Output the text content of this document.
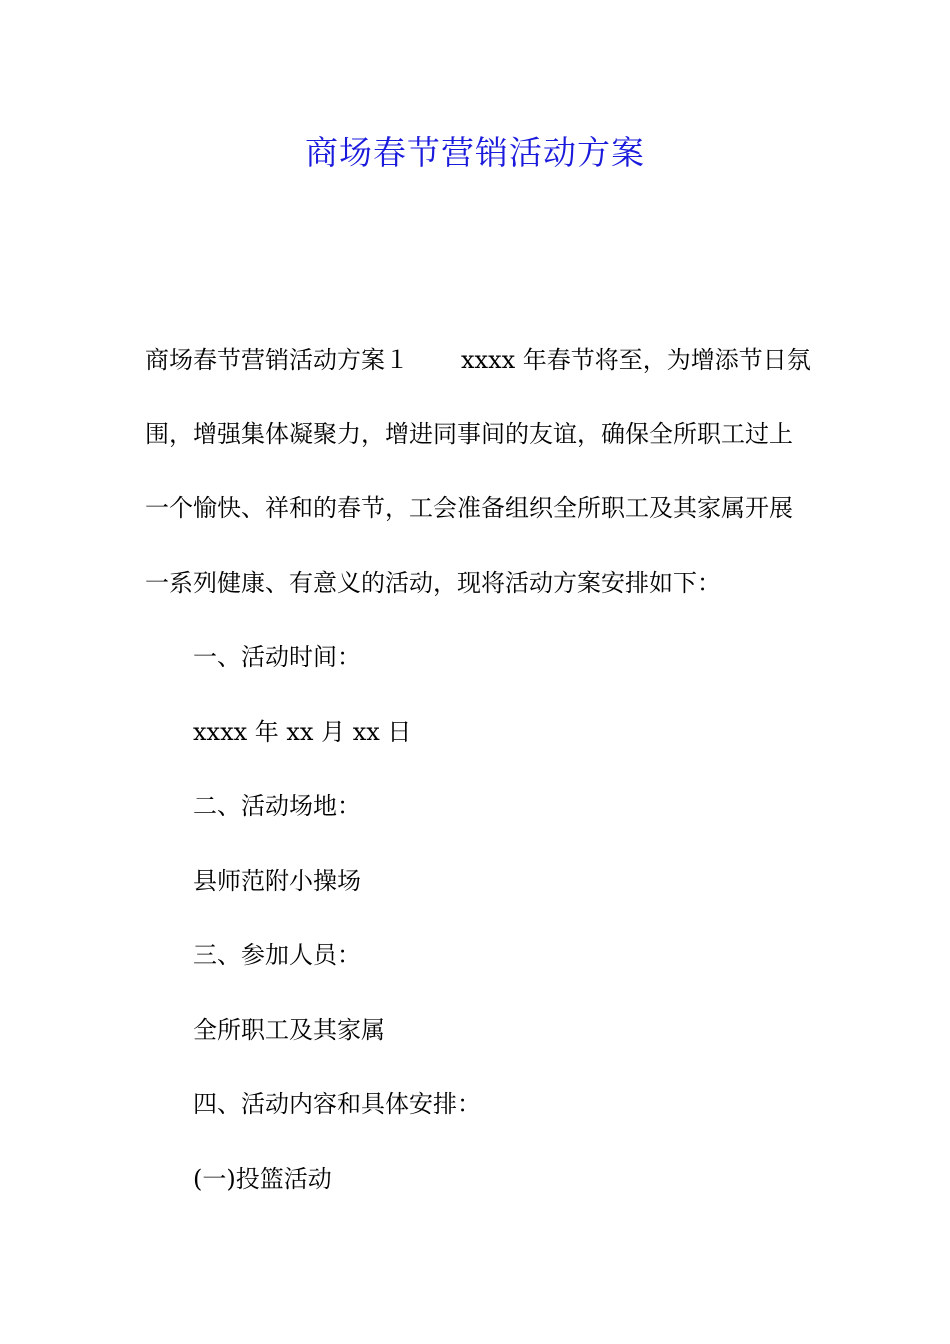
商场春节营销活动方案

商场春节营销活动方案１ xxxx 年春节将至，为增添节日氛

围，增强集体凝聚力，增进同事间的友谊，确保全所职工过上

一个愉快、祥和的春节，工会准备组织全所职工及其家属开展

一系列健康、有意义的活动，现将活动方案安排如下：

一、活动时间：

xxxx 年 xx 月 xx 日

二、活动场地：

县师范附小操场

三、参加人员：

全所职工及其家属

四、活动内容和具体安排：

(一)投篮活动
